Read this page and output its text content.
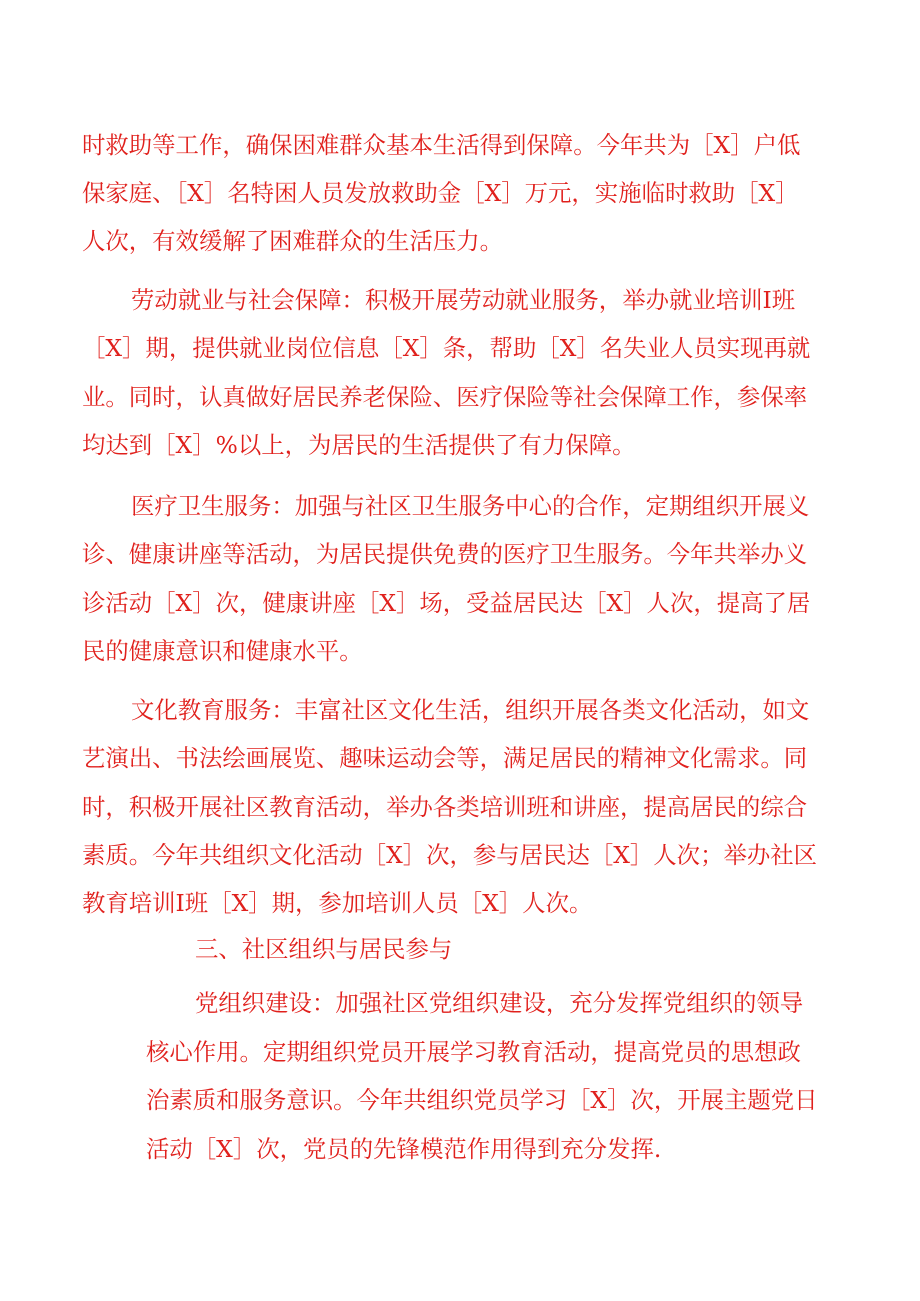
时救助等工作，确保困难群众基本生活得到保障。今年共为［X］户低
保家庭、［X］名特困人员发放救助金［X］万元，实施临时救助［X］
人次，有效缓解了困难群众的生活压力。
劳动就业与社会保障：积极开展劳动就业服务，举办就业培训I班
［X］期，提供就业岗位信息［X］条，帮助［X］名失业人员实现再就
业。同时，认真做好居民养老保险、医疗保险等社会保障工作，参保率
均达到［X］%以上，为居民的生活提供了有力保障。
医疗卫生服务：加强与社区卫生服务中心的合作，定期组织开展义
诊、健康讲座等活动，为居民提供免费的医疗卫生服务。今年共举办义
诊活动［X］次，健康讲座［X］场，受益居民达［X］人次，提高了居
民的健康意识和健康水平。
文化教育服务：丰富社区文化生活，组织开展各类文化活动，如文
艺演出、书法绘画展览、趣味运动会等，满足居民的精神文化需求。同
时，积极开展社区教育活动，举办各类培训班和讲座，提高居民的综合
素质。今年共组织文化活动［X］次，参与居民达［X］人次；举办社区
教育培训I班［X］期，参加培训人员［X］人次。
三、社区组织与居民参与
党组织建设：加强社区党组织建设，充分发挥党组织的领导
核心作用。定期组织党员开展学习教育活动，提高党员的思想政
治素质和服务意识。今年共组织党员学习［X］次，开展主题党日
活动［X］次，党员的先锋模范作用得到充分发挥.
